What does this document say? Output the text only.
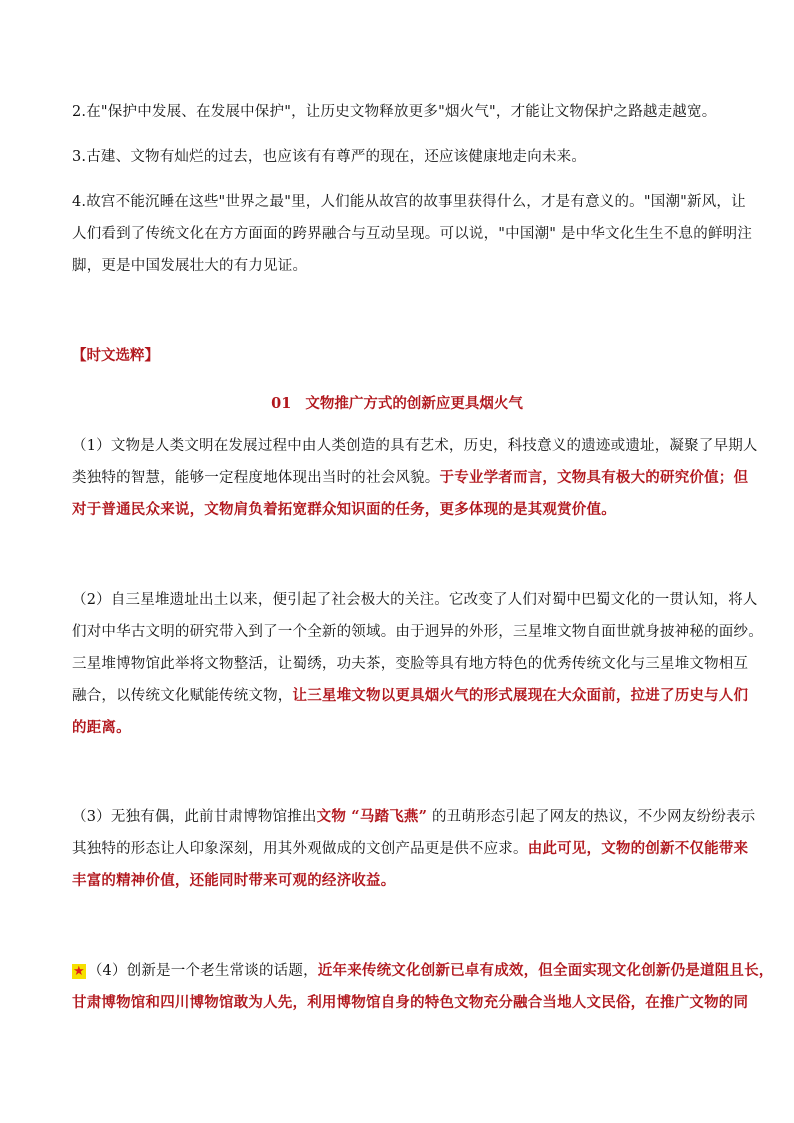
2.在"保护中发展、在发展中保护"，让历史文物释放更多"烟火气"，才能让文物保护之路越走越宽。
3.古建、文物有灿烂的过去，也应该有有尊严的现在，还应该健康地走向未来。
4.故宫不能沉睡在这些"世界之最"里，人们能从故宫的故事里获得什么，才是有意义的。"国潮"新风，让
人们看到了传统文化在方方面面的跨界融合与互动呈现。可以说，"中国潮" 是中华文化生生不息的鲜明注
脚，更是中国发展壮大的有力见证。
【时文选粹】
01 文物推广方式的创新应更具烟火气
（1）文物是人类文明在发展过程中由人类创造的具有艺术，历史，科技意义的遗迹或遗址，凝聚了早期人
类独特的智慧，能够一定程度地体现出当时的社会风貌。于专业学者而言，文物具有极大的研究价值；但
对于普通民众来说，文物肩负着拓宽群众知识面的任务，更多体现的是其观赏价值。
（2）自三星堆遗址出土以来，便引起了社会极大的关注。它改变了人们对蜀中巴蜀文化的一贯认知，将人
们对中华古文明的研究带入到了一个全新的领域。由于迥异的外形，三星堆文物自面世就身披神秘的面纱。
三星堆博物馆此举将文物整活，让蜀绣，功夫茶，变脸等具有地方特色的优秀传统文化与三星堆文物相互
融合，以传统文化赋能传统文物，让三星堆文物以更具烟火气的形式展现在大众面前，拉进了历史与人们
的距离。
（3）无独有偶，此前甘肃博物馆推出文物 “马踏飞燕” 的丑萌形态引起了网友的热议，不少网友纷纷表示
其独特的形态让人印象深刻，用其外观做成的文创产品更是供不应求。由此可见，文物的创新不仅能带来
丰富的精神价值，还能同时带来可观的经济收益。
★ （4）创新是一个老生常谈的话题，近年来传统文化创新已卓有成效，但全面实现文化创新仍是道阻且长，
甘肃博物馆和四川博物馆敢为人先，利用博物馆自身的特色文物充分融合当地人文民俗，在推广文物的同
